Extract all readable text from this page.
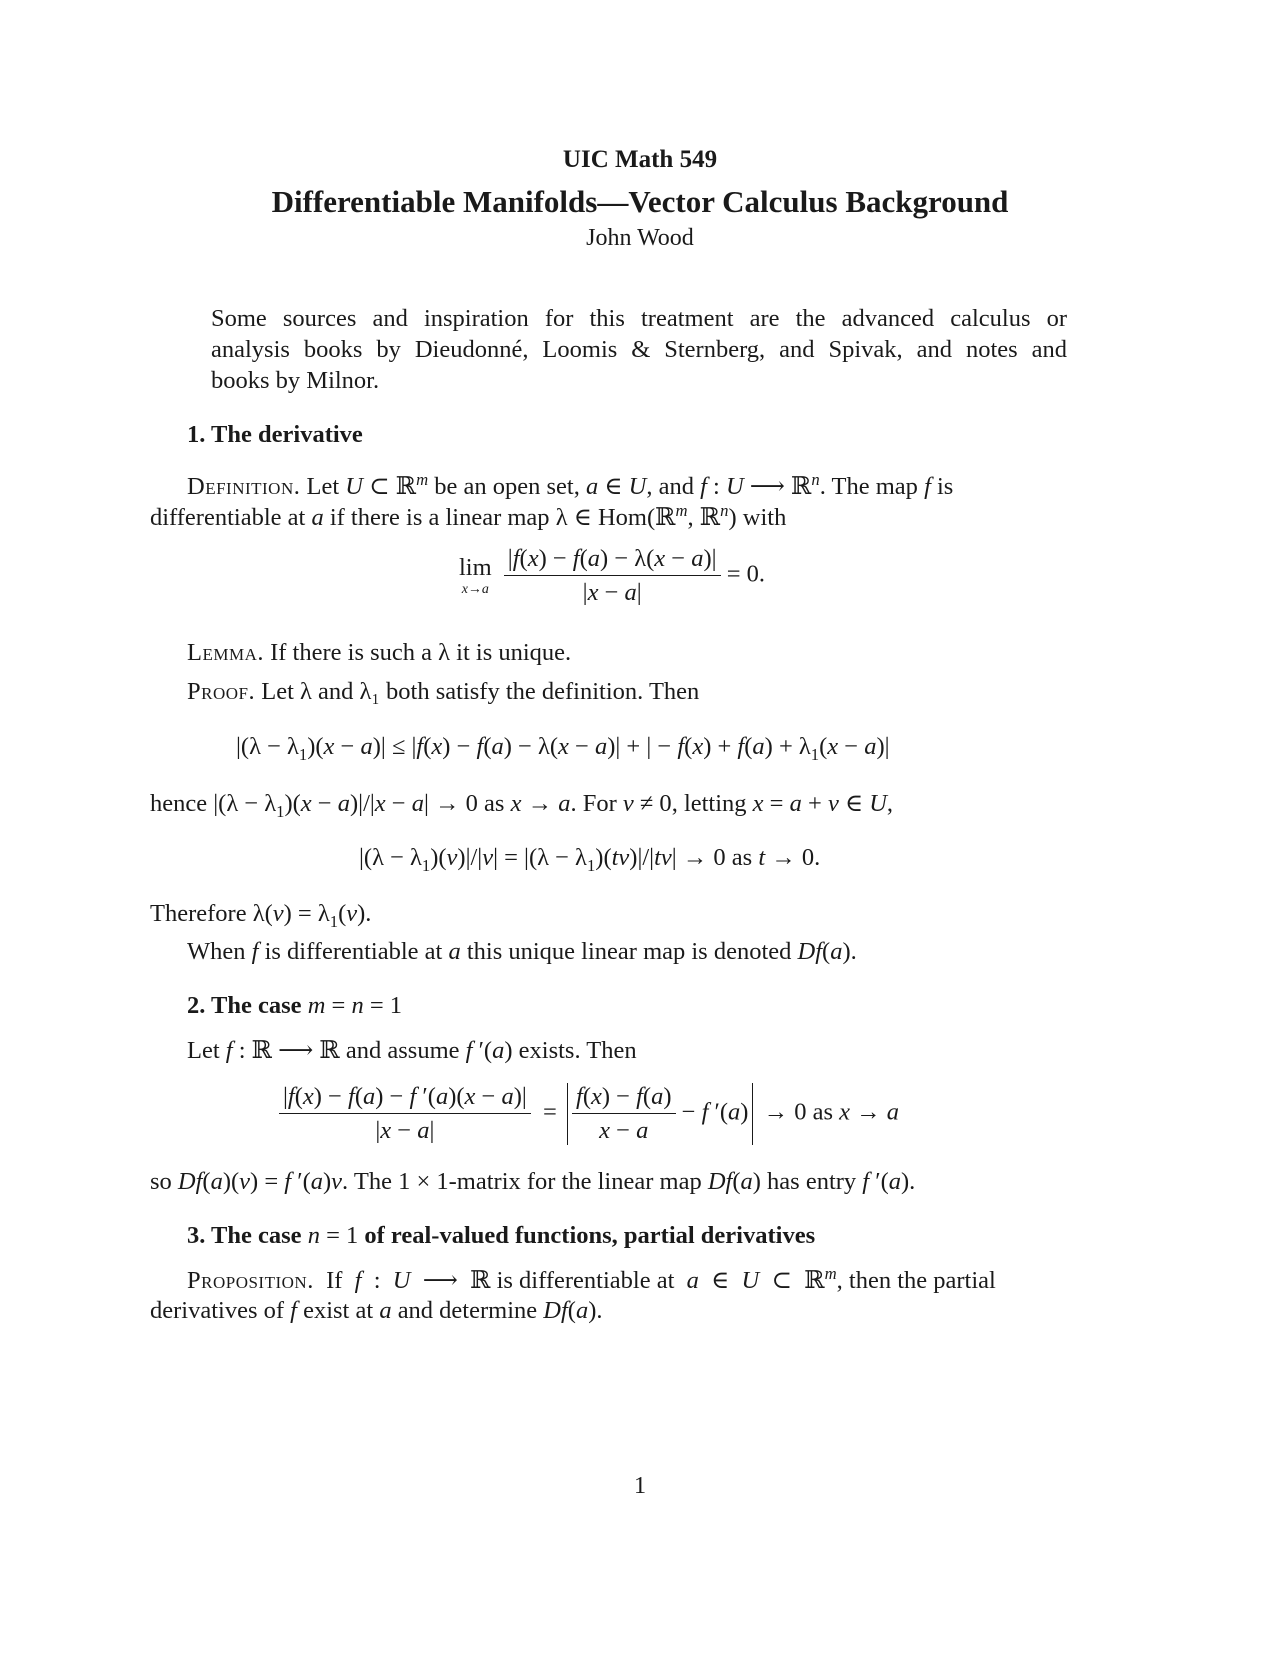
UIC Math 549
Differentiable Manifolds—Vector Calculus Background
John Wood
Some sources and inspiration for this treatment are the advanced calculus or
analysis books by Dieudonné, Loomis & Sternberg, and Spivak, and notes and
books by Milnor.
1. The derivative
Definition. Let U ⊂ ℝ$^m$ be an open set, a ∈ U, and f : U ⟶ ℝ$^n$. The map f is
differentiable at a if there is a linear map λ ∈ Hom(ℝ$^m$, ℝ$^n$) with
lim
x→a
$\frac{|f(x) - f(a) - \lambda(x - a)|}{|x - a|} = 0$.
Lemma. If there is such a λ it is unique.
Proof. Let λ and λ₁ both satisfy the definition. Then
$|(\lambda - \lambda_1)(x - a)| \le |f(x) - f(a) - \lambda(x - a)|$ + | − $f(x) + f(a) + \lambda_1(x - a)|$
hence $|(\lambda - \lambda_1)(x - a)|/|x - a| \to 0$ as x → a. For v ≠ 0, letting x = a + v ∈ U,
$|(\lambda - \lambda_1)(v)|/|v| = |(\lambda - \lambda_1)(tv)|/|tv| \to 0$ as t → 0.
Therefore $\lambda(v) = \lambda_1(v)$.
When f is differentiable at a this unique linear map is denoted Df(a).
2. The case m = n = 1
Let f : ℝ ⟶ ℝ and assume f ′(a) exists. Then
$\frac{|f(x) - f(a) - f '(a)(x - a)|}{|x - a|} = \frac{f(x) - f(a)}{x - a} - f$ ′(a) → 0 as x → a
so Df(a)(v) = f ′(a)v. The 1 × 1-matrix for the linear map Df(a) has entry f ′(a).
3. The case n = 1 of real-valued functions, partial derivatives
Proposition. If f  :  U  ⟶  ℝ is differentiable at a  ∈  U  ⊂  ℝ$^m$, then the partial
derivatives of f exist at a and determine Df(a).
1
